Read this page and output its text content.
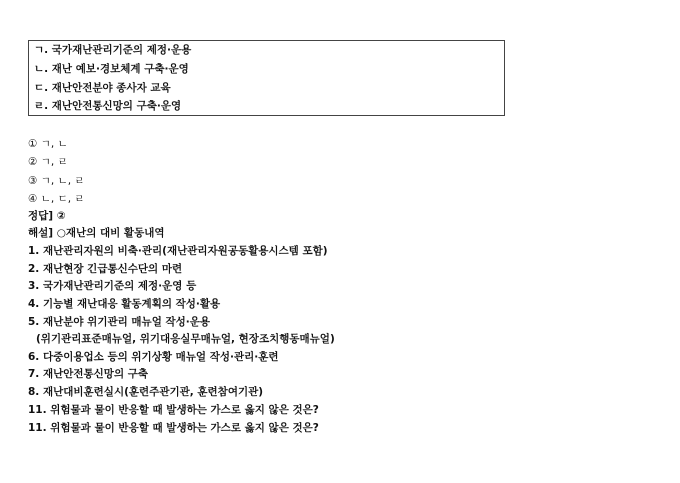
ㄱ. 국가재난관리기준의 제정·운용
ㄴ. 재난 예보·경보체계 구축·운영
ㄷ. 재난안전분야 종사자 교육
ㄹ. 재난안전통신망의 구축·운영
① ㄱ, ㄴ
② ㄱ, ㄹ
③ ㄱ, ㄴ, ㄹ
④ ㄴ, ㄷ, ㄹ
정답] ②
해설] ○재난의 대비 활동내역
1. 재난관리자원의 비축·관리(재난관리자원공동활용시스템 포함)
2. 재난현장 긴급통신수단의 마련
3. 국가재난관리기준의 제정·운영 등
4. 기능별 재난대응 활동계획의 작성·활용
5. 재난분야 위기관리 매뉴얼 작성·운용
(위기관리표준매뉴얼, 위기대응실무매뉴얼, 현장조치행동매뉴얼)
6. 다중이용업소 등의 위기상황 매뉴얼 작성·관리·훈련
7. 재난안전통신망의 구축
8. 재난대비훈련실시(훈련주관기관, 훈련참여기관)
11. 위험물과 물이 반응할 때 발생하는 가스로 옳지 않은 것은?
11. 위험물과 물이 반응할 때 발생하는 가스로 옳지 않은 것은?
